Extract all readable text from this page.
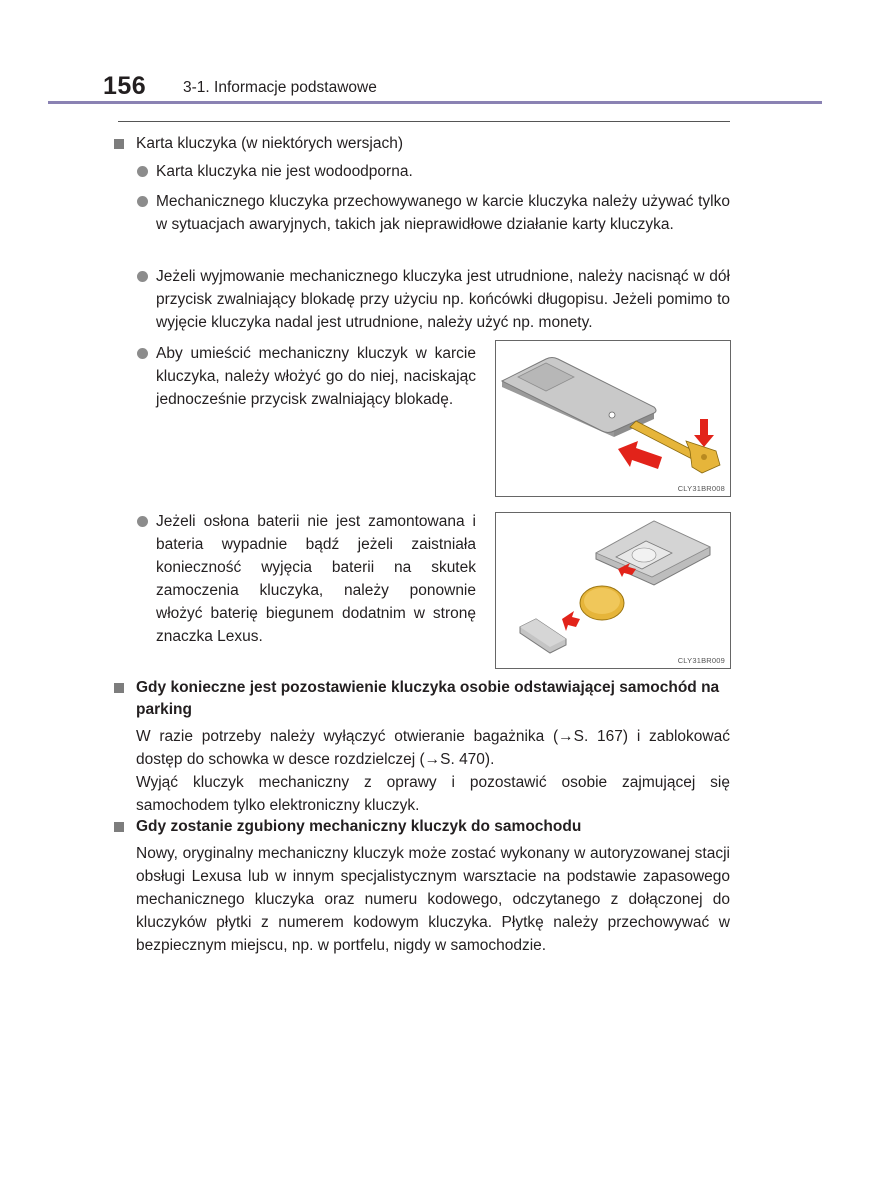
156 3-1. Informacje podstawowe
Karta kluczyka (w niektórych wersjach)
Karta kluczyka nie jest wodoodporna.
Mechanicznego kluczyka przechowywanego w karcie kluczyka należy używać tylko w sytuacjach awaryjnych, takich jak nieprawidłowe działanie karty kluczyka.
Jeżeli wyjmowanie mechanicznego kluczyka jest utrudnione, należy nacisnąć w dół przycisk zwalniający blokadę przy użyciu np. końcówki długopisu. Jeżeli pomimo to wyjęcie kluczyka nadal jest utrudnione, należy użyć np. monety.
Aby umieścić mechaniczny kluczyk w karcie kluczyka, należy włożyć go do niej, naciskając jednocześnie przycisk zwalniający blokadę.
Jeżeli osłona baterii nie jest zamontowana i bateria wypadnie bądź jeżeli zaistniała konieczność wyjęcia baterii na skutek zamoczenia kluczyka, należy ponownie włożyć baterię biegunem dodatnim w stronę znaczka Lexus.
CLY31BR008
CLY31BR009
Gdy konieczne jest pozostawienie kluczyka osobie odstawiającej samochód na parking
W razie potrzeby należy wyłączyć otwieranie bagażnika (→S. 167) i zablokować dostęp do schowka w desce rozdzielczej (→S. 470).
Wyjąć kluczyk mechaniczny z oprawy i pozostawić osobie zajmującej się samochodem tylko elektroniczny kluczyk.
Gdy zostanie zgubiony mechaniczny kluczyk do samochodu
Nowy, oryginalny mechaniczny kluczyk może zostać wykonany w autoryzowanej stacji obsługi Lexusa lub w innym specjalistycznym warsztacie na podstawie zapasowego mechanicznego kluczyka oraz numeru kodowego, odczytanego z dołączonej do kluczyków płytki z numerem kodowym kluczyka. Płytkę należy przechowywać w bezpiecznym miejscu, np. w portfelu, nigdy w samochodzie.
